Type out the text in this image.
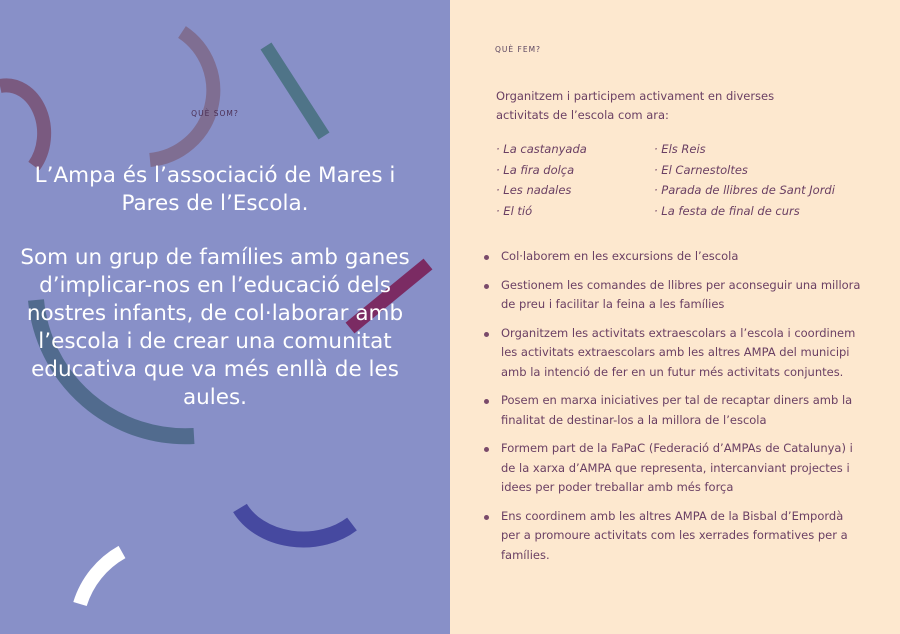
QUÈ SOM?

L’Ampa és l’associació de Mares i Pares de l’Escola.

Som un grup de famílies amb ganes d’implicar-nos en l’educació dels nostres infants, de col·laborar amb l’escola i de crear una comunitat educativa que va més enllà de les aules.

QUÈ FEM?
Organitzem i participem activament en diverses activitats de l’escola com ara:
· La castanyada
· La fira dolça
· Les nadales
· El tió
· Els Reis
· El Carnestoltes
· Parada de llibres de Sant Jordi
· La festa de final de curs
Col·laborem en les excursions de l’escola
Gestionem les comandes de llibres per aconseguir una millora de preu i facilitar la feina a les famílies
Organitzem les activitats extraescolars a l’escola i coordinem les activitats extraescolars amb les altres AMPA del municipi amb la intenció de fer en un futur més activitats conjuntes.
Posem en marxa iniciatives per tal de recaptar diners amb la finalitat de destinar-los a la millora de l’escola
Formem part de la FaPaC (Federació d’AMPAs de Catalunya) i de la xarxa d’AMPA que representa, intercanviant projectes i idees per poder treballar amb més força
Ens coordinem amb les altres AMPA de la Bisbal d’Empordà per a promoure activitats com les xerrades formatives per a famílies.
